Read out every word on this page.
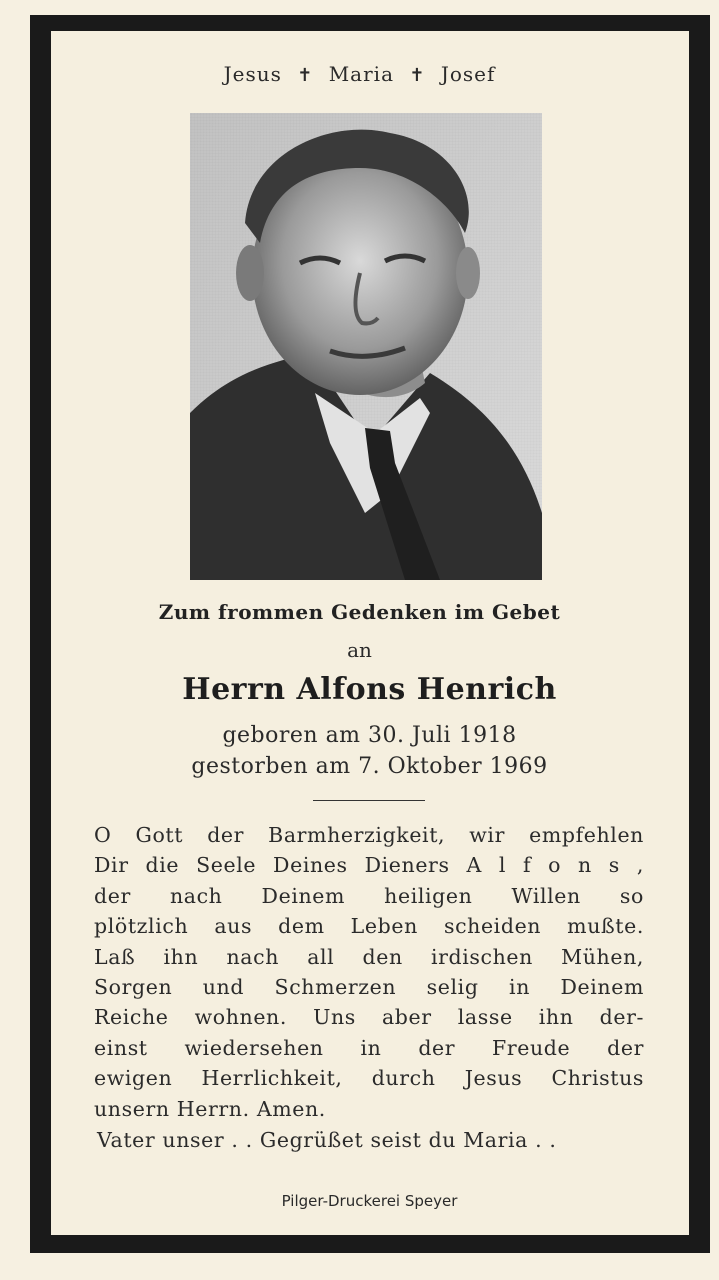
Jesus ✝ Maria ✝ Josef
Zum frommen Gedenken im Gebet
an
Herrn Alfons Henrich
geboren am 30. Juli 1918
gestorben am 7. Oktober 1969
O Gott der Barmherzigkeit, wir empfehlen
Dir die Seele Deines Dieners A l f o n s ,
der nach Deinem heiligen Willen so
plötzlich aus dem Leben scheiden mußte.
Laß ihn nach all den irdischen Mühen,
Sorgen und Schmerzen selig in Deinem
Reiche wohnen. Uns aber lasse ihn der-
einst wiedersehen in der Freude der
ewigen Herrlichkeit, durch Jesus Christus
unsern Herrn. Amen.
Vater unser . . Gegrüßet seist du Maria . .
Pilger-Druckerei Speyer
